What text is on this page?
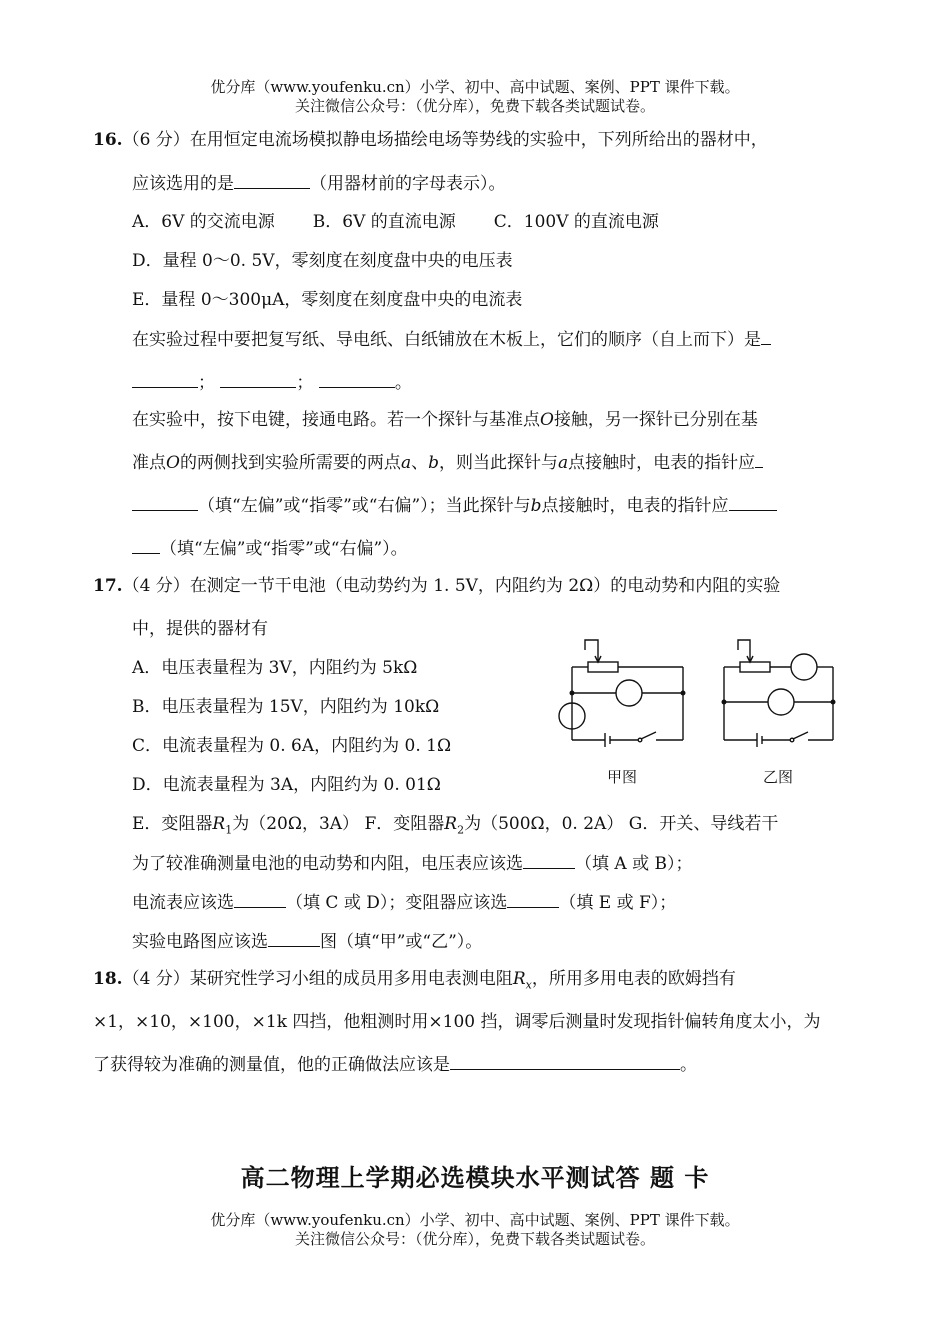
优分库（www.youfenku.cn）小学、初中、高中试题、案例、PPT 课件下载。
关注微信公众号：（优分库），免费下载各类试题试卷。
16.（6 分）在用恒定电流场模拟静电场描绘电场等势线的实验中，下列所给出的器材中，
应该选用的是	（用器材前的字母表示）。
A．6V 的交流电源 B．6V 的直流电源 C．100V 的直流电源
D．量程 0～0. 5V，零刻度在刻度盘中央的电压表
E．量程 0～300μA，零刻度在刻度盘中央的电流表
在实验过程中要把复写纸、导电纸、白纸铺放在木板上，它们的顺序（自上而下）是
；	；	。
在实验中，按下电键，接通电路。若一个探针与基准点O接触，另一探针已分别在基
准点O的两侧找到实验所需要的两点a、b，则当此探针与a点接触时，电表的指针应
（填“左偏”或“指零”或“右偏”）；当此探针与b点接触时，电表的指针应
（填“左偏”或“指零”或“右偏”）。
17.（4 分）在测定一节干电池（电动势约为 1. 5V，内阻约为 2Ω）的电动势和内阻的实验
中，提供的器材有
A．电压表量程为 3V，内阻约为 5kΩ
B．电压表量程为 15V，内阻约为 10kΩ
C．电流表量程为 0. 6A，内阻约为 0. 1Ω
D．电流表量程为 3A，内阻约为 0. 01Ω
E．变阻器$R_1$为（20Ω，3A） F．变阻器$R_2$为（500Ω，0. 2A） G．开关、导线若干
为了较准确测量电池的电动势和内阻，电压表应该选	（填 A 或 B）；
电流表应该选	（填 C 或 D）；变阻器应该选	（填 E 或 F）；
实验电路图应该选	图（填“甲”或“乙”）。
甲图	乙图
18.（4 分）某研究性学习小组的成员用多用电表测电阻$R_x$，所用多用电表的欧姆挡有
×1，×10，×100，×1k 四挡，他粗测时用×100 挡，调零后测量时发现指针偏转角度太小，为
了获得较为准确的测量值，他的正确做法应该是	。
高二物理上学期必选模块水平测试答 题 卡
优分库（www.youfenku.cn）小学、初中、高中试题、案例、PPT 课件下载。
关注微信公众号：（优分库），免费下载各类试题试卷。
